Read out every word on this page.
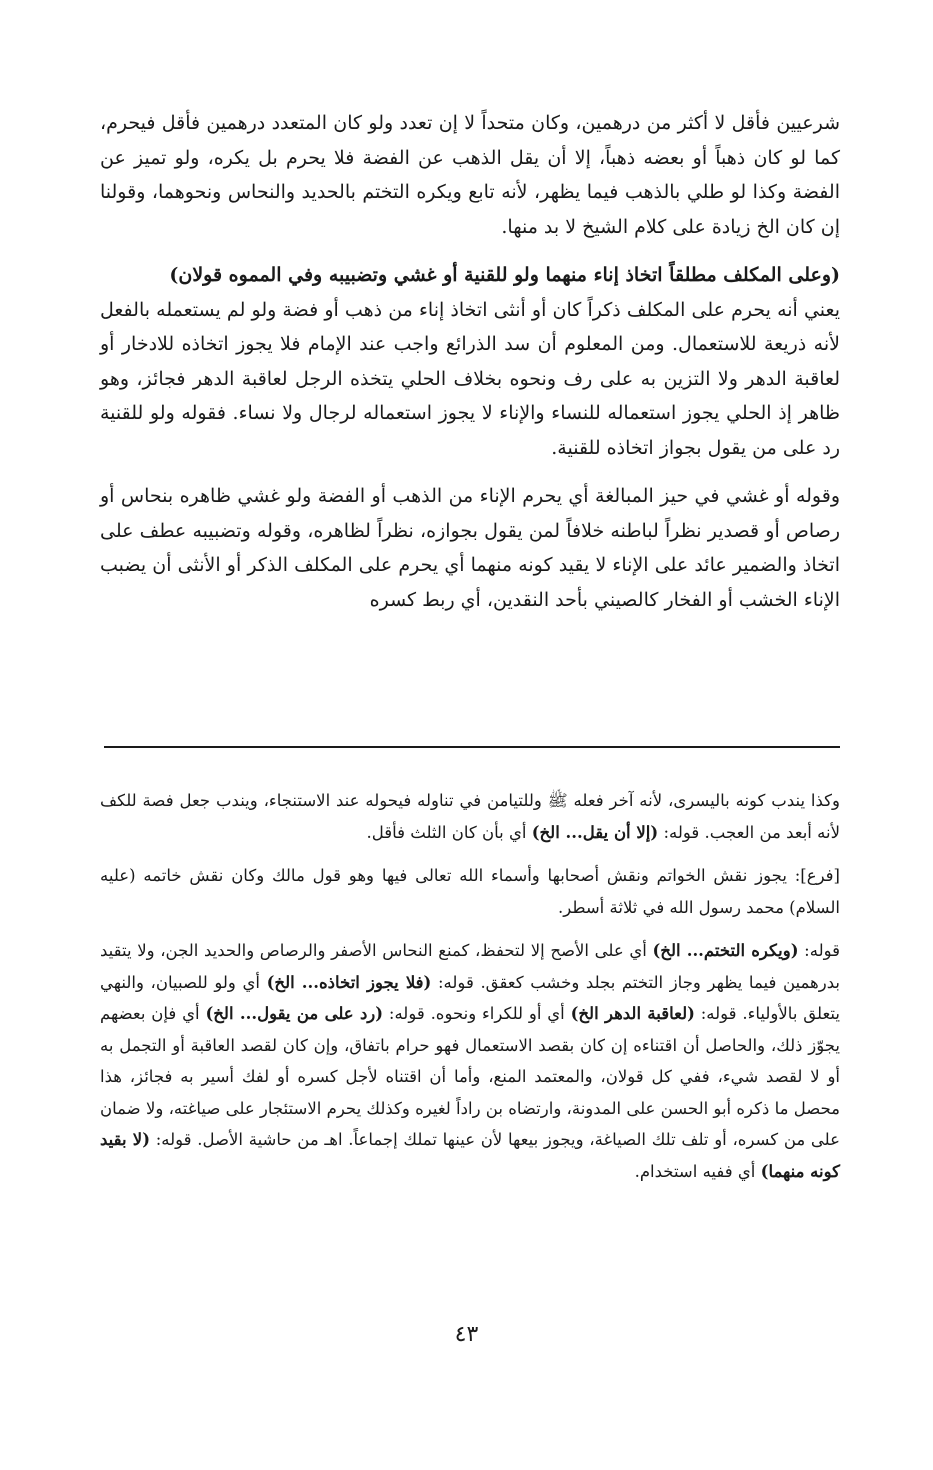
شرعيين فأقل لا أكثر من درهمين، وكان متحداً لا إن تعدد ولو كان المتعدد درهمين فأقل فيحرم، كما لو كان ذهباً أو بعضه ذهباً، إلا أن يقل الذهب عن الفضة فلا يحرم بل يكره، ولو تميز عن الفضة وكذا لو طلي بالذهب فيما يظهر، لأنه تابع ويكره التختم بالحديد والنحاس ونحوهما، وقولنا إن كان الخ زيادة على كلام الشيخ لا بد منها.

(وعلى المكلف مطلقاً اتخاذ إناء منهما ولو للقنية أو غشي وتضبيبه وفي المموه قولان)

يعني أنه يحرم على المكلف ذكراً كان أو أنثى اتخاذ إناء من ذهب أو فضة ولو لم يستعمله بالفعل لأنه ذريعة للاستعمال. ومن المعلوم أن سد الذرائع واجب عند الإمام فلا يجوز اتخاذه للادخار أو لعاقبة الدهر ولا التزين به على رف ونحوه بخلاف الحلي يتخذه الرجل لعاقبة الدهر فجائز، وهو ظاهر إذ الحلي يجوز استعماله للنساء والإناء لا يجوز استعماله لرجال ولا نساء. فقوله ولو للقنية رد على من يقول بجواز اتخاذه للقنية.

وقوله أو غشي في حيز المبالغة أي يحرم الإناء من الذهب أو الفضة ولو غشي ظاهره بنحاس أو رصاص أو قصدير نظراً لباطنه خلافاً لمن يقول بجوازه، نظراً لظاهره، وقوله وتضبيبه عطف على اتخاذ والضمير عائد على الإناء لا يقيد كونه منهما أي يحرم على المكلف الذكر أو الأنثى أن يضبب الإناء الخشب أو الفخار كالصيني بأحد النقدين، أي ربط كسره

وكذا يندب كونه باليسرى، لأنه آخر فعله ﷺ وللتيامن في تناوله فيحوله عند الاستنجاء، ويندب جعل فصة للكف لأنه أبعد من العجب. قوله: (إلا أن يقل... الخ) أي بأن كان الثلث فأقل.

[فرع]: يجوز نقش الخواتم ونقش أصحابها وأسماء الله تعالى فيها وهو قول مالك وكان نقش خاتمه (عليه السلام) محمد رسول الله في ثلاثة أسطر.

قوله: (ويكره التختم... الخ) أي على الأصح إلا لتحفظ، كمنع النحاس الأصفر والرصاص والحديد الجن، ولا يتقيد بدرهمين فيما يظهر وجاز التختم بجلد وخشب كعقق. قوله: (فلا يجوز اتخاذه... الخ) أي ولو للصبيان، والنهي يتعلق بالأولياء. قوله: (لعاقبة الدهر الخ) أي أو للكراء ونحوه. قوله: (رد على من يقول... الخ) أي فإن بعضهم يجوّز ذلك، والحاصل أن اقتناءه إن كان بقصد الاستعمال فهو حرام باتفاق، وإن كان لقصد العاقبة أو التجمل به أو لا لقصد شيء، ففي كل قولان، والمعتمد المنع، وأما أن اقتناه لأجل كسره أو لفك أسير به فجائز، هذا محصل ما ذكره أبو الحسن على المدونة، وارتضاه بن راداً لغيره وكذلك يحرم الاستئجار على صياغته، ولا ضمان على من كسره، أو تلف تلك الصياغة، ويجوز بيعها لأن عينها تملك إجماعاً. اهـ من حاشية الأصل. قوله: (لا بقيد كونه منهما) أي ففيه استخدام.

٤٣
